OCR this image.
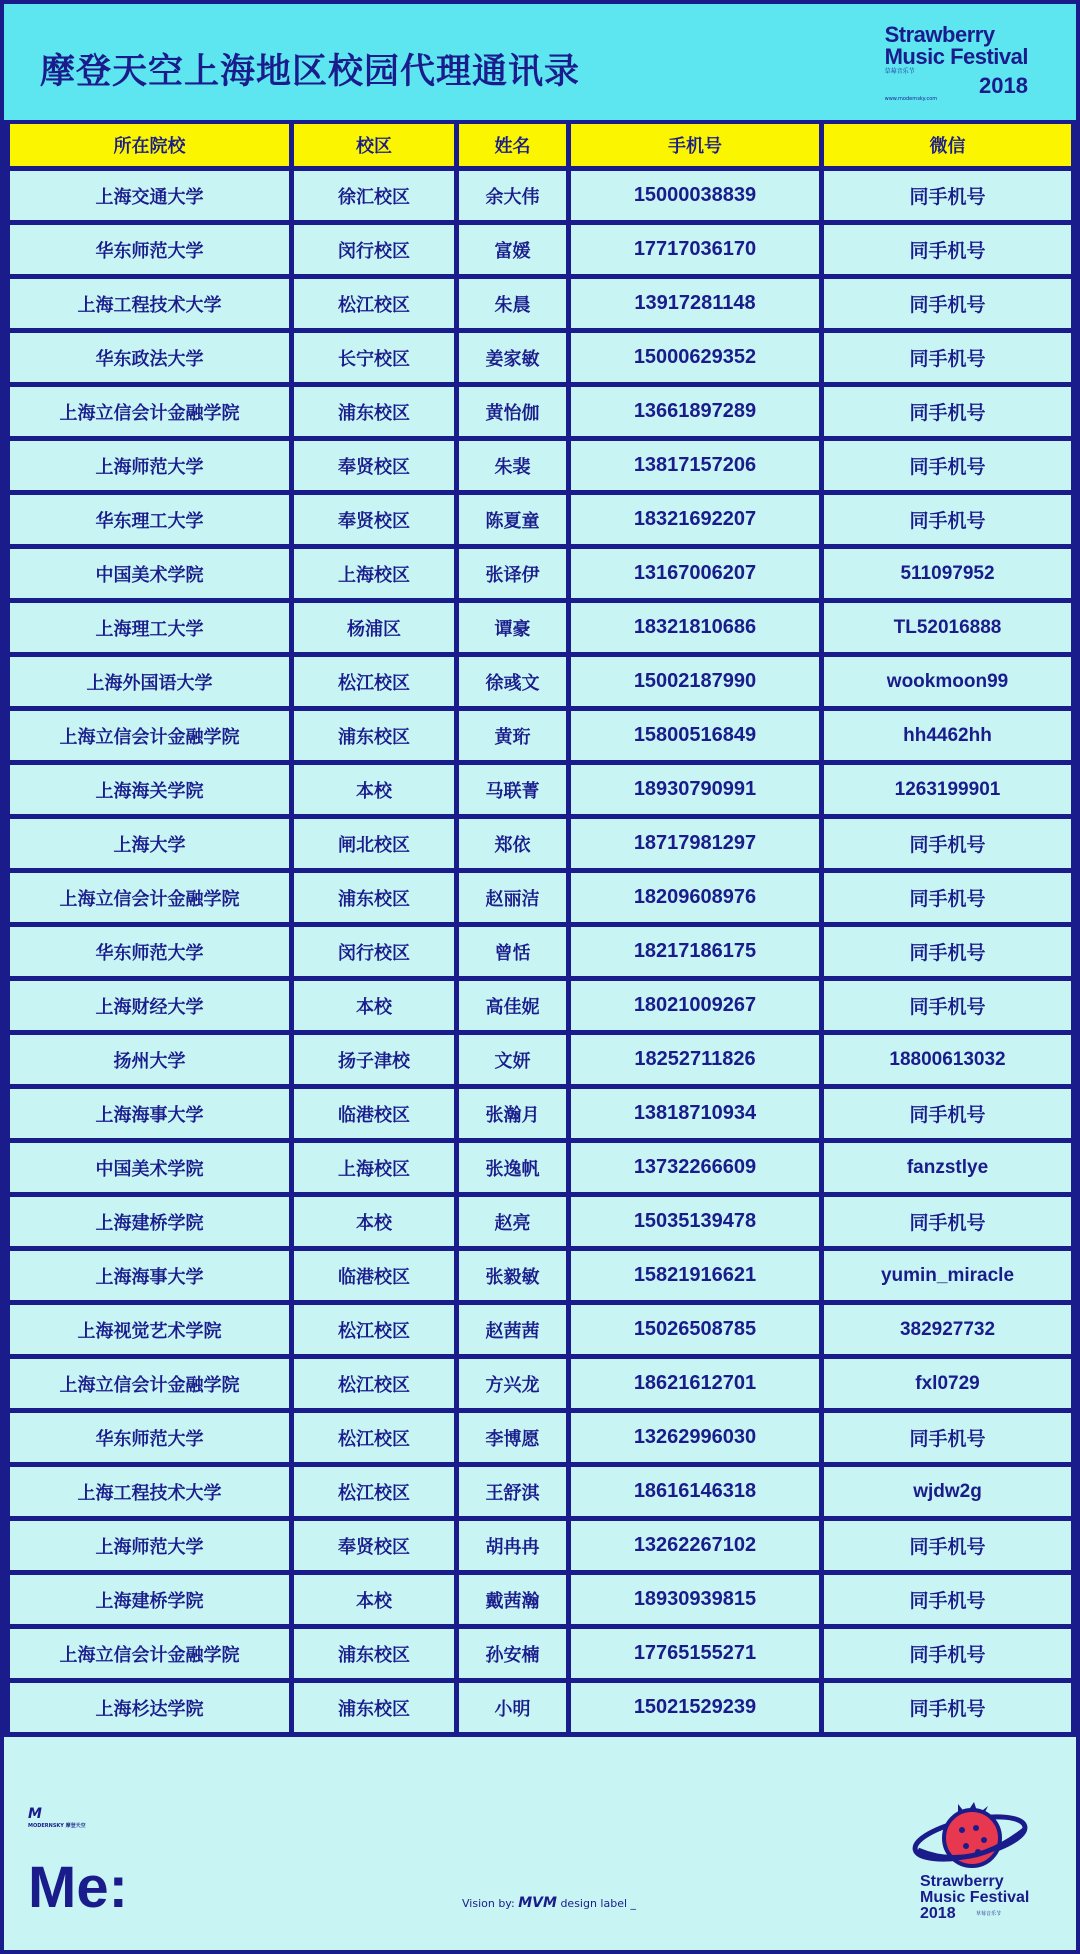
摩登天空上海地区校园代理通讯录
Strawberry
Music Festival
草莓音乐节
2018
www.modernsky.com
所在院校	校区	姓名	手机号	微信
上海交通大学	徐汇校区	余大伟	15000038839	同手机号
华东师范大学	闵行校区	富媛	17717036170	同手机号
上海工程技术大学	松江校区	朱晨	13917281148	同手机号
华东政法大学	长宁校区	姜家敏	15000629352	同手机号
上海立信会计金融学院	浦东校区	黄怡伽	13661897289	同手机号
上海师范大学	奉贤校区	朱裴	13817157206	同手机号
华东理工大学	奉贤校区	陈夏童	18321692207	同手机号
中国美术学院	上海校区	张译伊	13167006207	511097952
上海理工大学	杨浦区	谭豪	18321810686	TL52016888
上海外国语大学	松江校区	徐彧文	15002187990	wookmoon99
上海立信会计金融学院	浦东校区	黄珩	15800516849	hh4462hh
上海海关学院	本校	马联菁	18930790991	1263199901
上海大学	闸北校区	郑依	18717981297	同手机号
上海立信会计金融学院	浦东校区	赵丽洁	18209608976	同手机号
华东师范大学	闵行校区	曾恬	18217186175	同手机号
上海财经大学	本校	高佳妮	18021009267	同手机号
扬州大学	扬子津校	文妍	18252711826	18800613032
上海海事大学	临港校区	张瀚月	13818710934	同手机号
中国美术学院	上海校区	张逸帆	13732266609	fanzstlye
上海建桥学院	本校	赵亮	15035139478	同手机号
上海海事大学	临港校区	张毅敏	15821916621	yumin_miracle
上海视觉艺术学院	松江校区	赵茜茜	15026508785	382927732
上海立信会计金融学院	松江校区	方兴龙	18621612701	fxl0729
华东师范大学	松江校区	李博愿	13262996030	同手机号
上海工程技术大学	松江校区	王舒淇	18616146318	wjdw2g
上海师范大学	奉贤校区	胡冉冉	13262267102	同手机号
上海建桥学院	本校	戴茜瀚	18930939815	同手机号
上海立信会计金融学院	浦东校区	孙安楠	17765155271	同手机号
上海杉达学院	浦东校区	小明	15021529239	同手机号
M
MODERNSKY 摩登天空
Me:	Vision by: MVM design label _
Strawberry
Music Festival
2018	草莓音乐节
